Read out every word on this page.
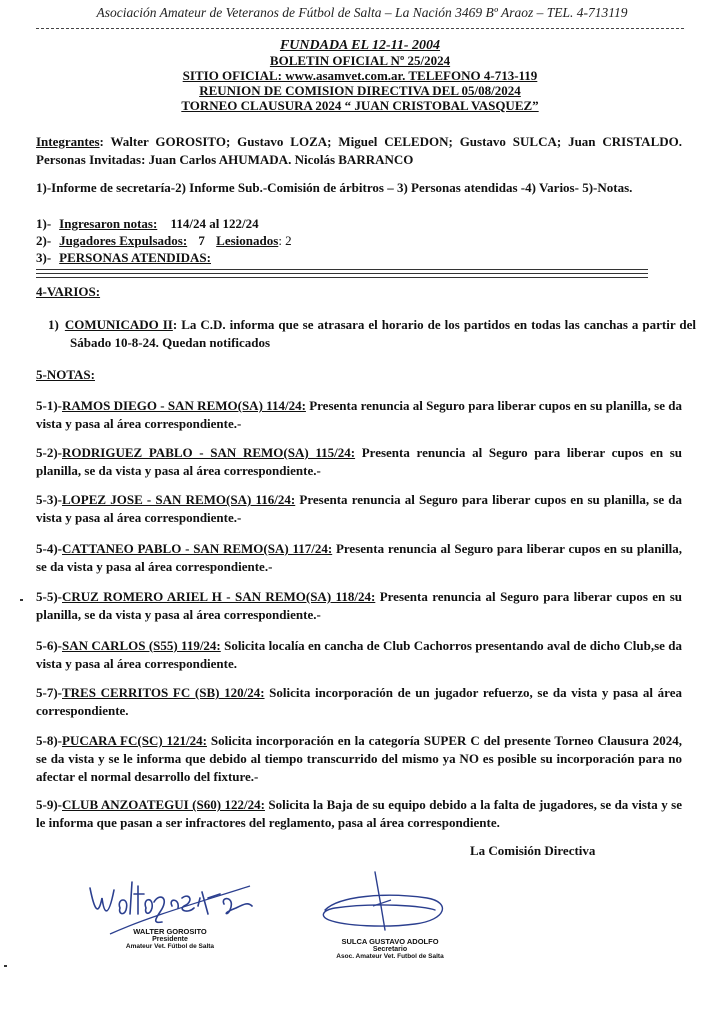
Asociación Amateur de Veteranos de Fútbol de Salta – La Nación 3469 Bº Araoz – TEL. 4-713119
FUNDADA EL 12-11- 2004
BOLETIN OFICIAL Nº 25/2024
SITIO OFICIAL: www.asamvet.com.ar. TELEFONO 4-713-119
REUNION DE COMISION DIRECTIVA DEL 05/08/2024
TORNEO CLAUSURA 2024 “ JUAN CRISTOBAL VASQUEZ”
Integrantes: Walter GOROSITO; Gustavo LOZA; Miguel CELEDON; Gustavo SULCA; Juan CRISTALDO. Personas Invitadas: Juan Carlos AHUMADA. Nicolás BARRANCO
1)-Informe de secretaría-2) Informe Sub.-Comisión de árbitros – 3) Personas atendidas -4) Varios- 5)-Notas.
1)- Ingresaron notas: 114/24 al 122/24
2)- Jugadores Expulsados: 7 Lesionados: 2
3)- PERSONAS ATENDIDAS:
4-VARIOS:
1) COMUNICADO II: La C.D. informa que se atrasara el horario de los partidos en todas las canchas a partir del Sábado 10-8-24. Quedan notificados
5-NOTAS:
5-1)-RAMOS DIEGO - SAN REMO(SA) 114/24: Presenta renuncia al Seguro para liberar cupos en su planilla, se da vista y pasa al área correspondiente.-
5-2)-RODRIGUEZ PABLO - SAN REMO(SA) 115/24: Presenta renuncia al Seguro para liberar cupos en su planilla, se da vista y pasa al área correspondiente.-
5-3)-LOPEZ JOSE - SAN REMO(SA) 116/24: Presenta renuncia al Seguro para liberar cupos en su planilla, se da vista y pasa al área correspondiente.-
5-4)-CATTANEO PABLO - SAN REMO(SA) 117/24: Presenta renuncia al Seguro para liberar cupos en su planilla, se da vista y pasa al área correspondiente.-
5-5)-CRUZ ROMERO ARIEL H - SAN REMO(SA) 118/24: Presenta renuncia al Seguro para liberar cupos en su planilla, se da vista y pasa al área correspondiente.-
5-6)-SAN CARLOS (S55) 119/24: Solicita localía en cancha de Club Cachorros presentando aval de dicho Club,se da vista y pasa al área correspondiente.
5-7)-TRES CERRITOS FC (SB) 120/24: Solicita incorporación de un jugador refuerzo, se da vista y pasa al área correspondiente.
5-8)-PUCARA FC(SC) 121/24: Solicita incorporación en la categoría SUPER C del presente Torneo Clausura 2024, se da vista y se le informa que debido al tiempo transcurrido del mismo ya NO es posible su incorporación para no afectar el normal desarrollo del fixture.-
5-9)-CLUB ANZOATEGUI (S60) 122/24: Solicita la Baja de su equipo debido a la falta de jugadores, se da vista y se le informa que pasan a ser infractores del reglamento, pasa al área correspondiente.
La Comisión Directiva
WALTER GOROSITO
Presidente
Amateur Vet. Fútbol de Salta
SULCA GUSTAVO ADOLFO
Secretario
Asoc. Amateur Vet. Futbol de Salta
